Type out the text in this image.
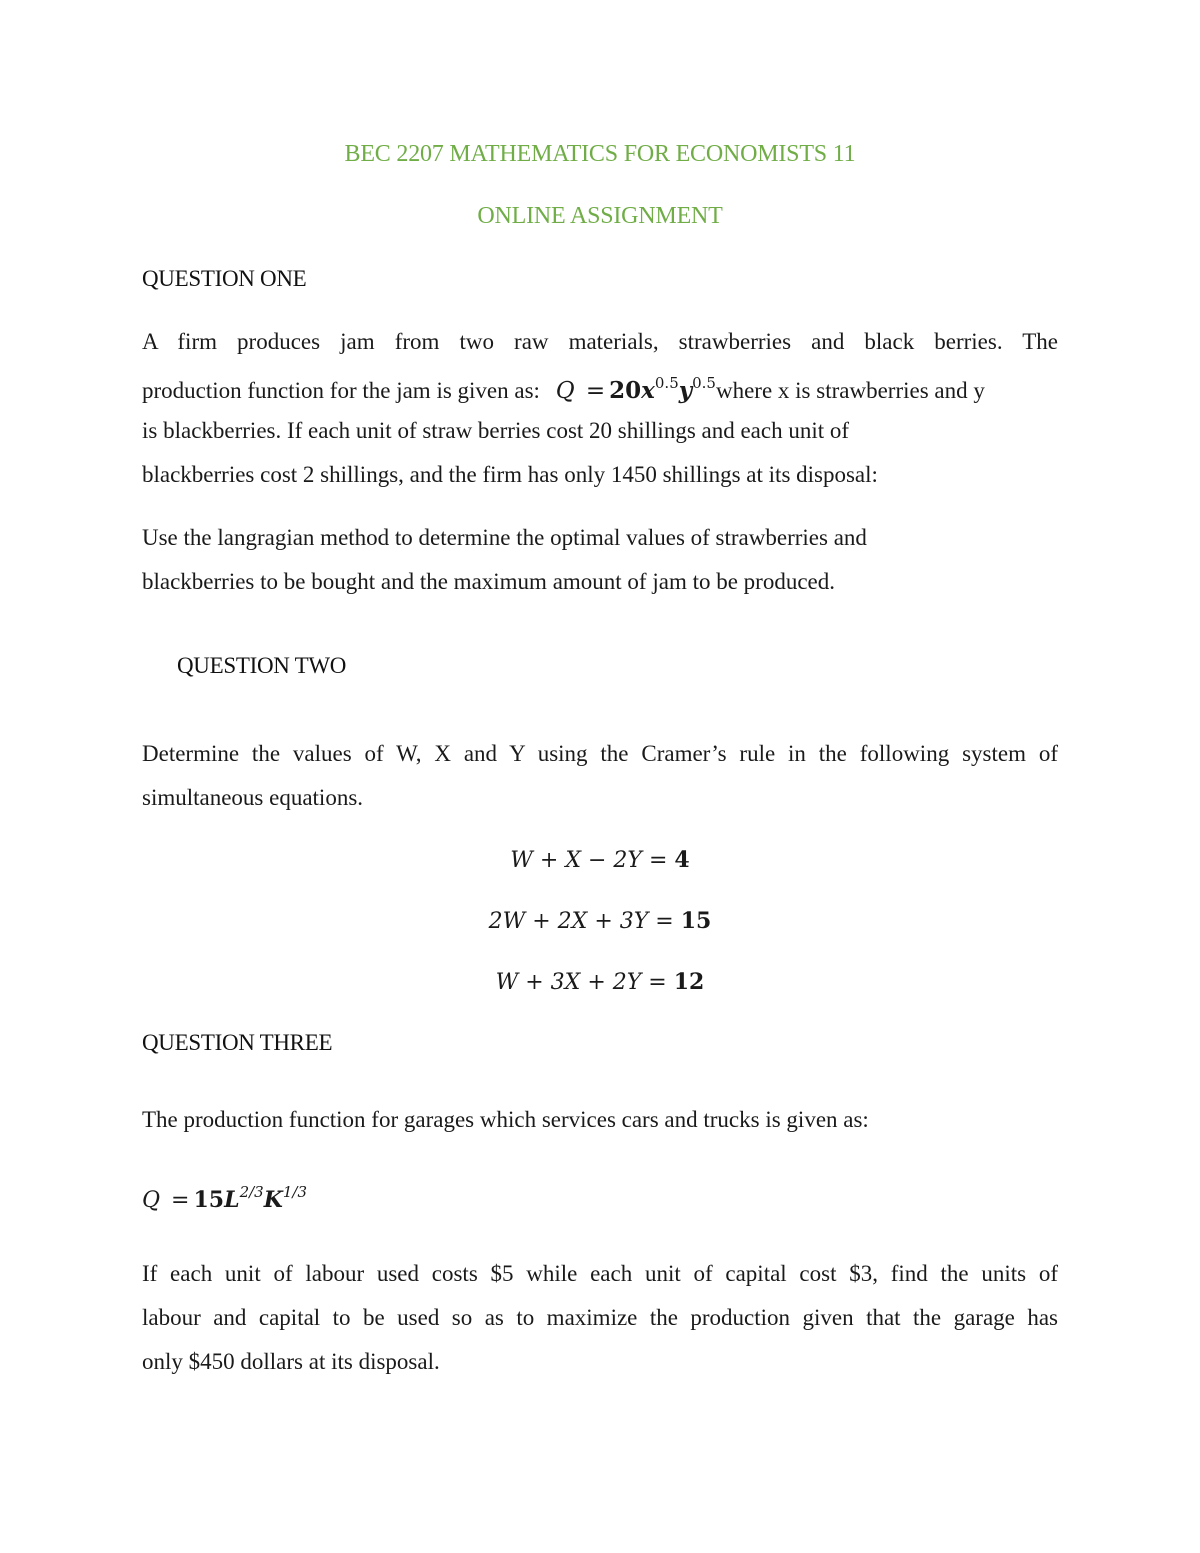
BEC 2207 MATHEMATICS FOR ECONOMISTS 11
ONLINE ASSIGNMENT
QUESTION ONE
A firm produces jam from two raw materials, strawberries and black berries. The
production function for the jam is given as: $Q = 20x^{0.5}y^{0.5}where$ x is strawberries and y
is blackberries. If each unit of straw berries cost 20 shillings and each unit of
blackberries cost 2 shillings, and the firm has only 1450 shillings at its disposal:
Use the langragian method to determine the optimal values of strawberries and
blackberries to be bought and the maximum amount of jam to be produced.
QUESTION TWO
Determine the values of W, X and Y using the Cramer’s rule in the following system of
simultaneous equations.
W + X − 2Y = 4
2W + 2X + 3Y = 15
W + 3X + 2Y = 12
QUESTION THREE
The production function for garages which services cars and trucks is given as:
$Q = 15L^{2/3}K^{1/3}$
If each unit of labour used costs $5 while each unit of capital cost $3, find the units of
labour and capital to be used so as to maximize the production given that the garage has
only $450 dollars at its disposal.
